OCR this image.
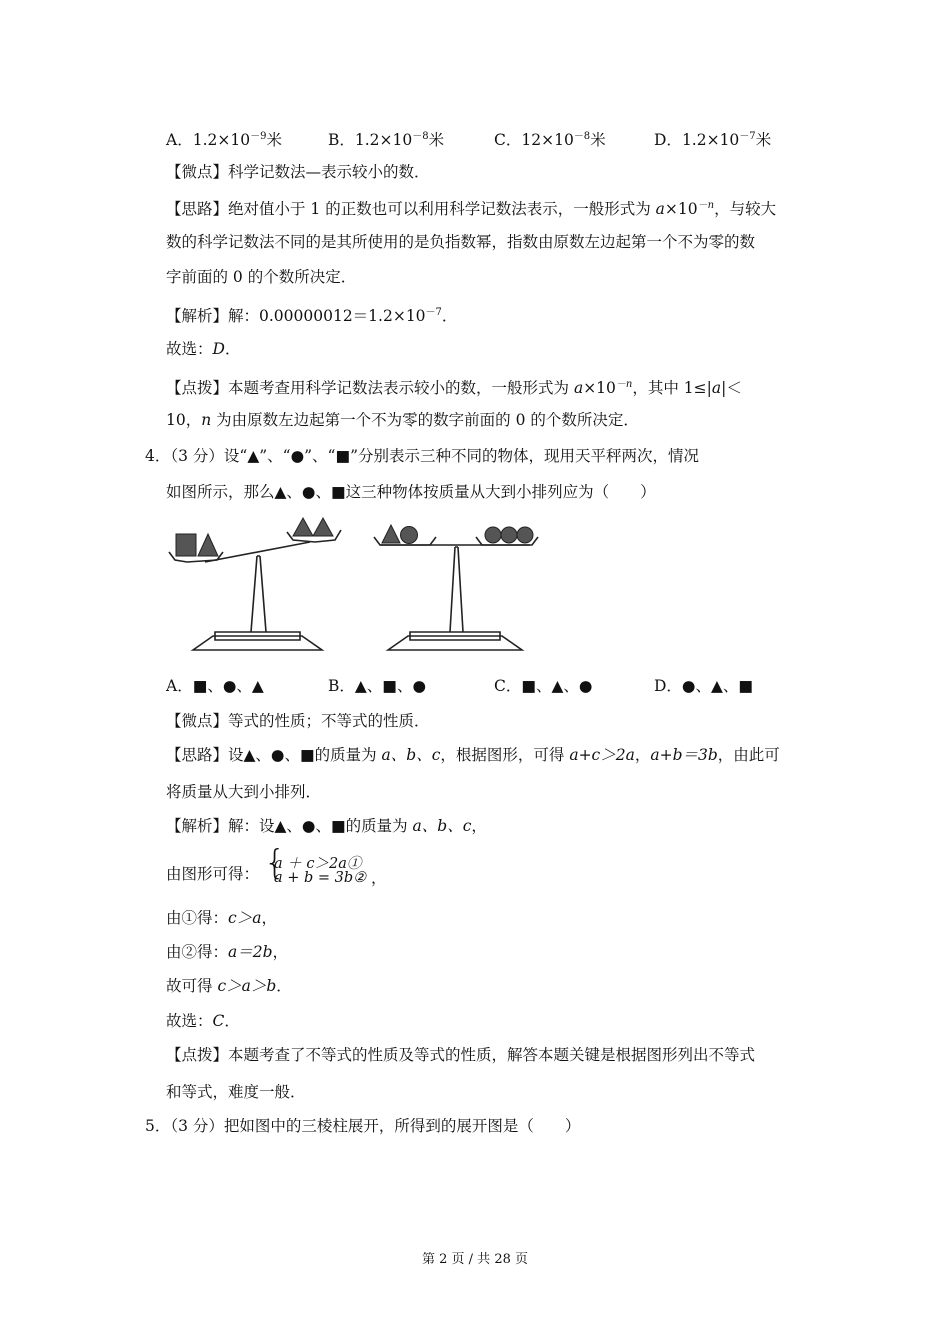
A．$1.2\times 10^{-9}$米	B．$1.2\times 10^{-8}$米	C．$12\times 10^{-8}$米	D．$1.2\times 10^{-7}$米
【微点】科学记数法—表示较小的数．
【思路】绝对值小于 1 的正数也可以利用科学记数法表示，一般形式为 $a\times 10^{-n}$，与较大
数的科学记数法不同的是其所使用的是负指数幂，指数由原数左边起第一个不为零的数
字前面的 0 的个数所决定．
【解析】解：$0.00000012=1.2\times 10^{-7}$．
故选：D．
【点拨】本题考查用科学记数法表示较小的数，一般形式为 $a\times 10^{-n}$，其中 1≤|a|＜
10，n 为由原数左边起第一个不为零的数字前面的 0 的个数所决定．
4．（3 分）设“▲”、“●”、“■”分别表示三种不同的物体，现用天平秤两次，情况
如图所示，那么▲、●、■这三种物体按质量从大到小排列应为（　　）
A．■、●、▲	B．▲、■、●	C．■、▲、●	D．●、▲、■
【微点】等式的性质；不等式的性质．
【思路】设▲、●、■的质量为 a、b、c，根据图形，可得 a+c＞2a，a+b＝3b，由此可
将质量从大到小排列．
【解析】解：设▲、●、■的质量为 a、b、c，
由图形可得： {
a ＋ c＞2a①
a + b = 3b② ，
由①得：c＞a，
由②得：a＝2b，
故可得 c＞a＞b．
故选：C．
【点拨】本题考查了不等式的性质及等式的性质，解答本题关键是根据图形列出不等式
和等式，难度一般．
5．（3 分）把如图中的三棱柱展开，所得到的展开图是（　　）
第 2 页 / 共 28 页
